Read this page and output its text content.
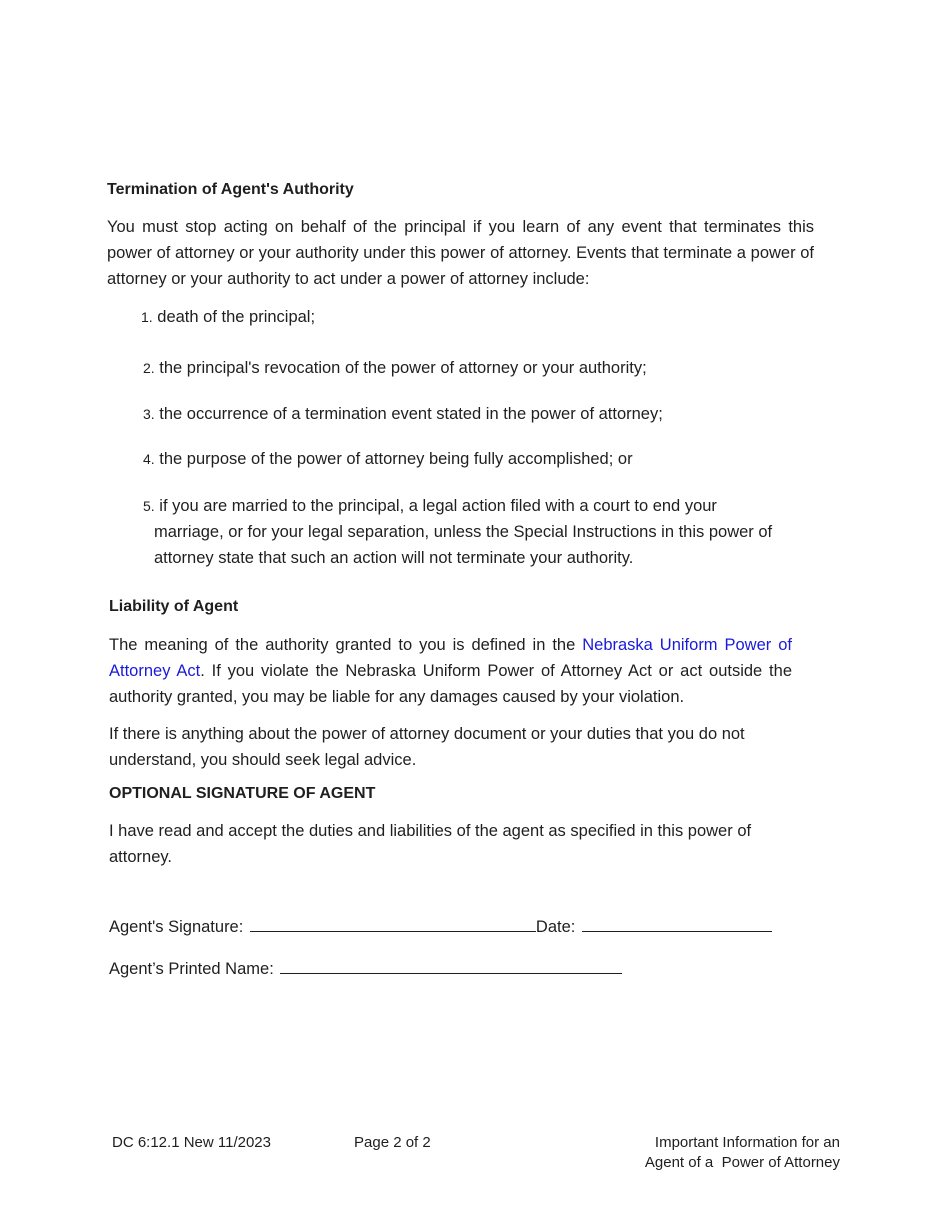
Termination of Agent's Authority

You must stop acting on behalf of the principal if you learn of any event that terminates this power of attorney or your authority under this power of attorney. Events that terminate a power of attorney or your authority to act under a power of attorney include:

1. death of the principal;

2. the principal's revocation of the power of attorney or your authority;

3. the occurrence of a termination event stated in the power of attorney;

4. the purpose of the power of attorney being fully accomplished; or

5. if you are married to the principal, a legal action filed with a court to end your

marriage, or for your legal separation, unless the Special Instructions in this power of attorney state that such an action will not terminate your authority.

Liability of Agent

The meaning of the authority granted to you is defined in the Nebraska Uniform Power of Attorney Act. If you violate the Nebraska Uniform Power of Attorney Act or act outside the authority granted, you may be liable for any damages caused by your violation.

If there is anything about the power of attorney document or your duties that you do not understand, you should seek legal advice.

OPTIONAL SIGNATURE OF AGENT

I have read and accept the duties and liabilities of the agent as specified in this power of attorney.

Agent's Signature:	Date:
Agent’s Printed Name:
DC 6:12.1 New 11/2023	Page 2 of 2	Important Information for an
Agent of a  Power of Attorney
